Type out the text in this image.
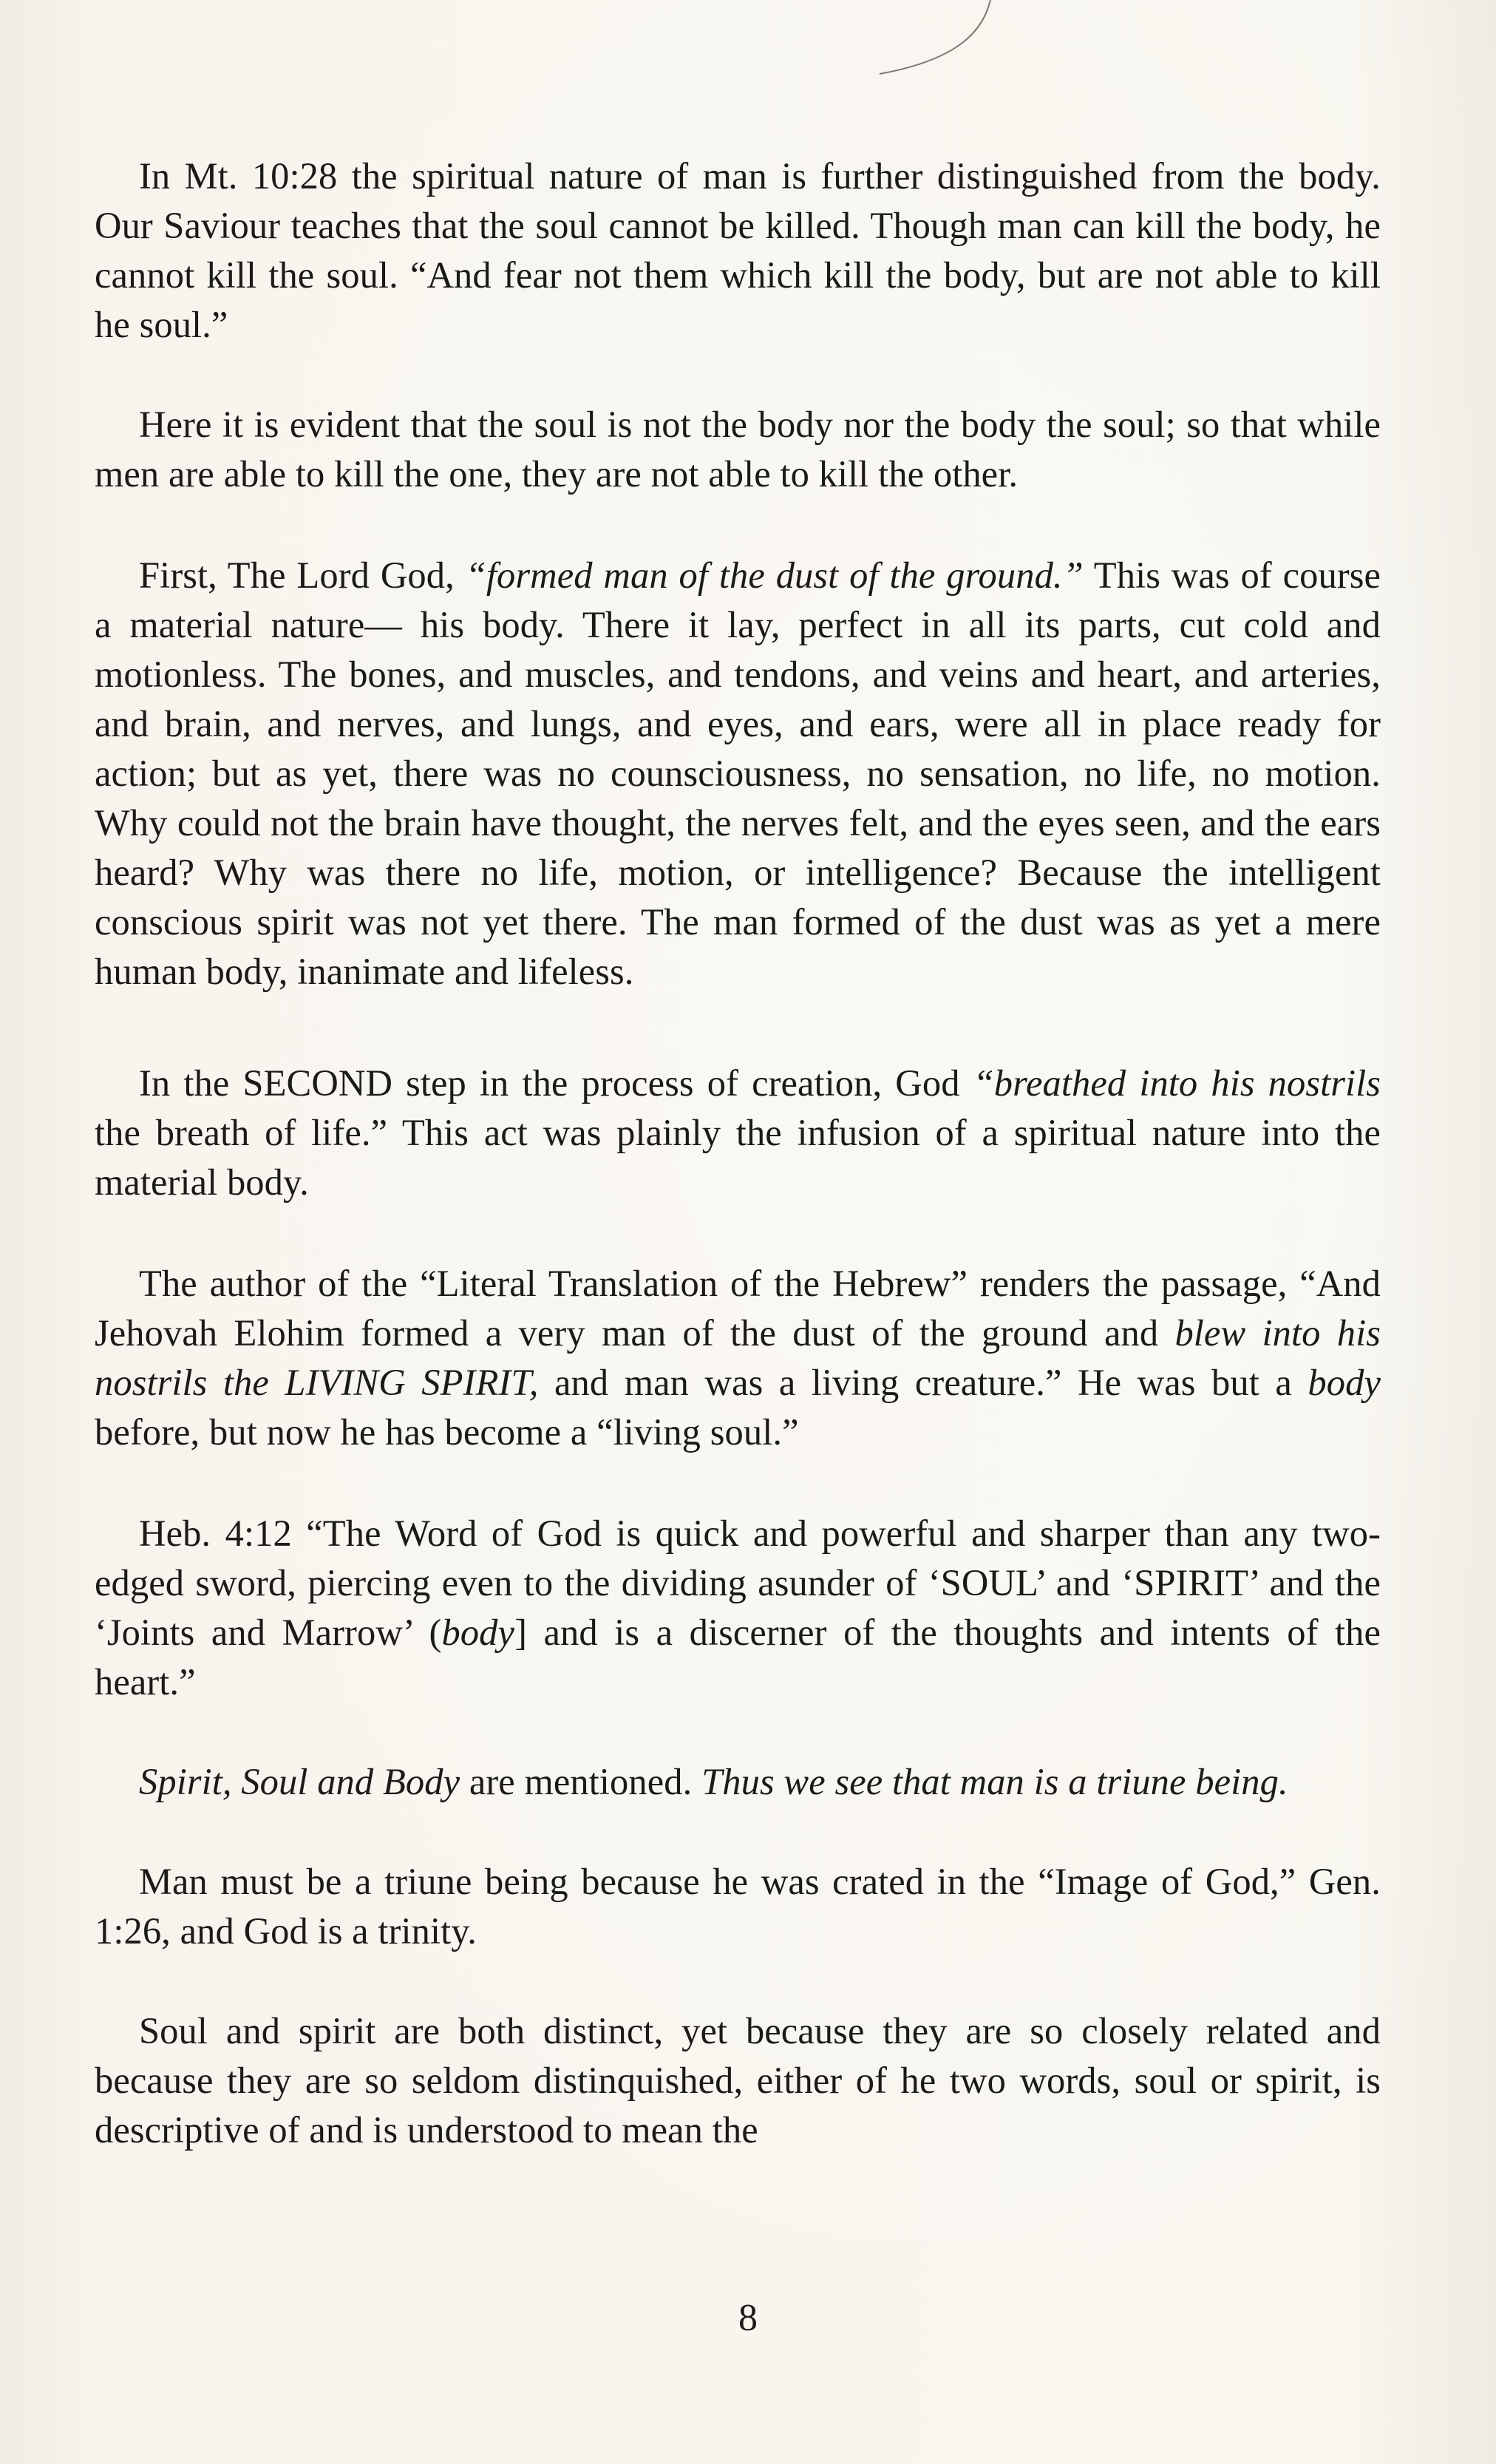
In Mt. 10:28 the spiritual nature of man is further distinguished from the body. Our Saviour teaches that the soul cannot be killed. Though man can kill the body, he cannot kill the soul. “And fear not them which kill the body, but are not able to kill he soul.”

Here it is evident that the soul is not the body nor the body the soul; so that while men are able to kill the one, they are not able to kill the other.

First, The Lord God, “formed man of the dust of the ground.” This was of course a material nature— his body. There it lay, perfect in all its parts, cut cold and motionless. The bones, and muscles, and tendons, and veins and heart, and arteries, and brain, and nerves, and lungs, and eyes, and ears, were all in place ready for action; but as yet, there was no counsciousness, no sensation, no life, no motion. Why could not the brain have thought, the nerves felt, and the eyes seen, and the ears heard? Why was there no life, motion, or intelligence? Because the intelligent conscious spirit was not yet there. The man formed of the dust was as yet a mere human body, inanimate and lifeless.

In the SECOND step in the process of creation, God “breathed into his nostrils the breath of life.” This act was plainly the infusion of a spiritual nature into the material body.

The author of the “Literal Translation of the Hebrew” renders the passage, “And Jehovah Elohim formed a very man of the dust of the ground and blew into his nostrils the LIVING SPIRIT, and man was a living creature.” He was but a body before, but now he has become a “living soul.”

Heb. 4:12 “The Word of God is quick and powerful and sharper than any two-edged sword, piercing even to the dividing asunder of ‘SOUL’ and ‘SPIRIT’ and the ‘Joints and Marrow’ (body] and is a discerner of the thoughts and intents of the heart.”

Spirit, Soul and Body are mentioned. Thus we see that man is a triune being.

Man must be a triune being because he was crated in the “Image of God,” Gen. 1:26, and God is a trinity.

Soul and spirit are both distinct, yet because they are so closely related and because they are so seldom distinquished, either of he two words, soul or spirit, is descriptive of and is understood to mean the

8
